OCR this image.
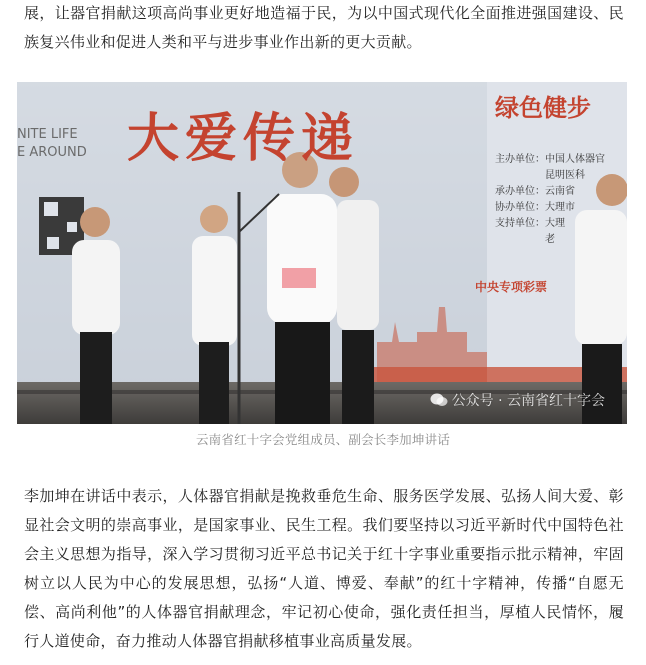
展，让器官捐献这项高尚事业更好地造福于民，为以中国式现代化全面推进强国建设、民族复兴伟业和促进人类和平与进步事业作出新的更大贡献。

大爱传递	绿色健步
NITE LIFE
E AROUND
中央专项彩票
主办单位：中国人体器官
昆明医科
承办单位：云南省
协办单位：大理市
支持单位：大理
老
公众号 · 云南省红十字会
云南省红十字会党组成员、副会长李加坤讲话

李加坤在讲话中表示，人体器官捐献是挽救垂危生命、服务医学发展、弘扬人间大爱、彰显社会文明的崇高事业，是国家事业、民生工程。我们要坚持以习近平新时代中国特色社会主义思想为指导，深入学习贯彻习近平总书记关于红十字事业重要指示批示精神，牢固树立以人民为中心的发展思想，弘扬“人道、博爱、奉献”的红十字精神，传播“自愿无偿、高尚利他”的人体器官捐献理念，牢记初心使命，强化责任担当，厚植人民情怀，履行人道使命，奋力推动人体器官捐献移植事业高质量发展。
